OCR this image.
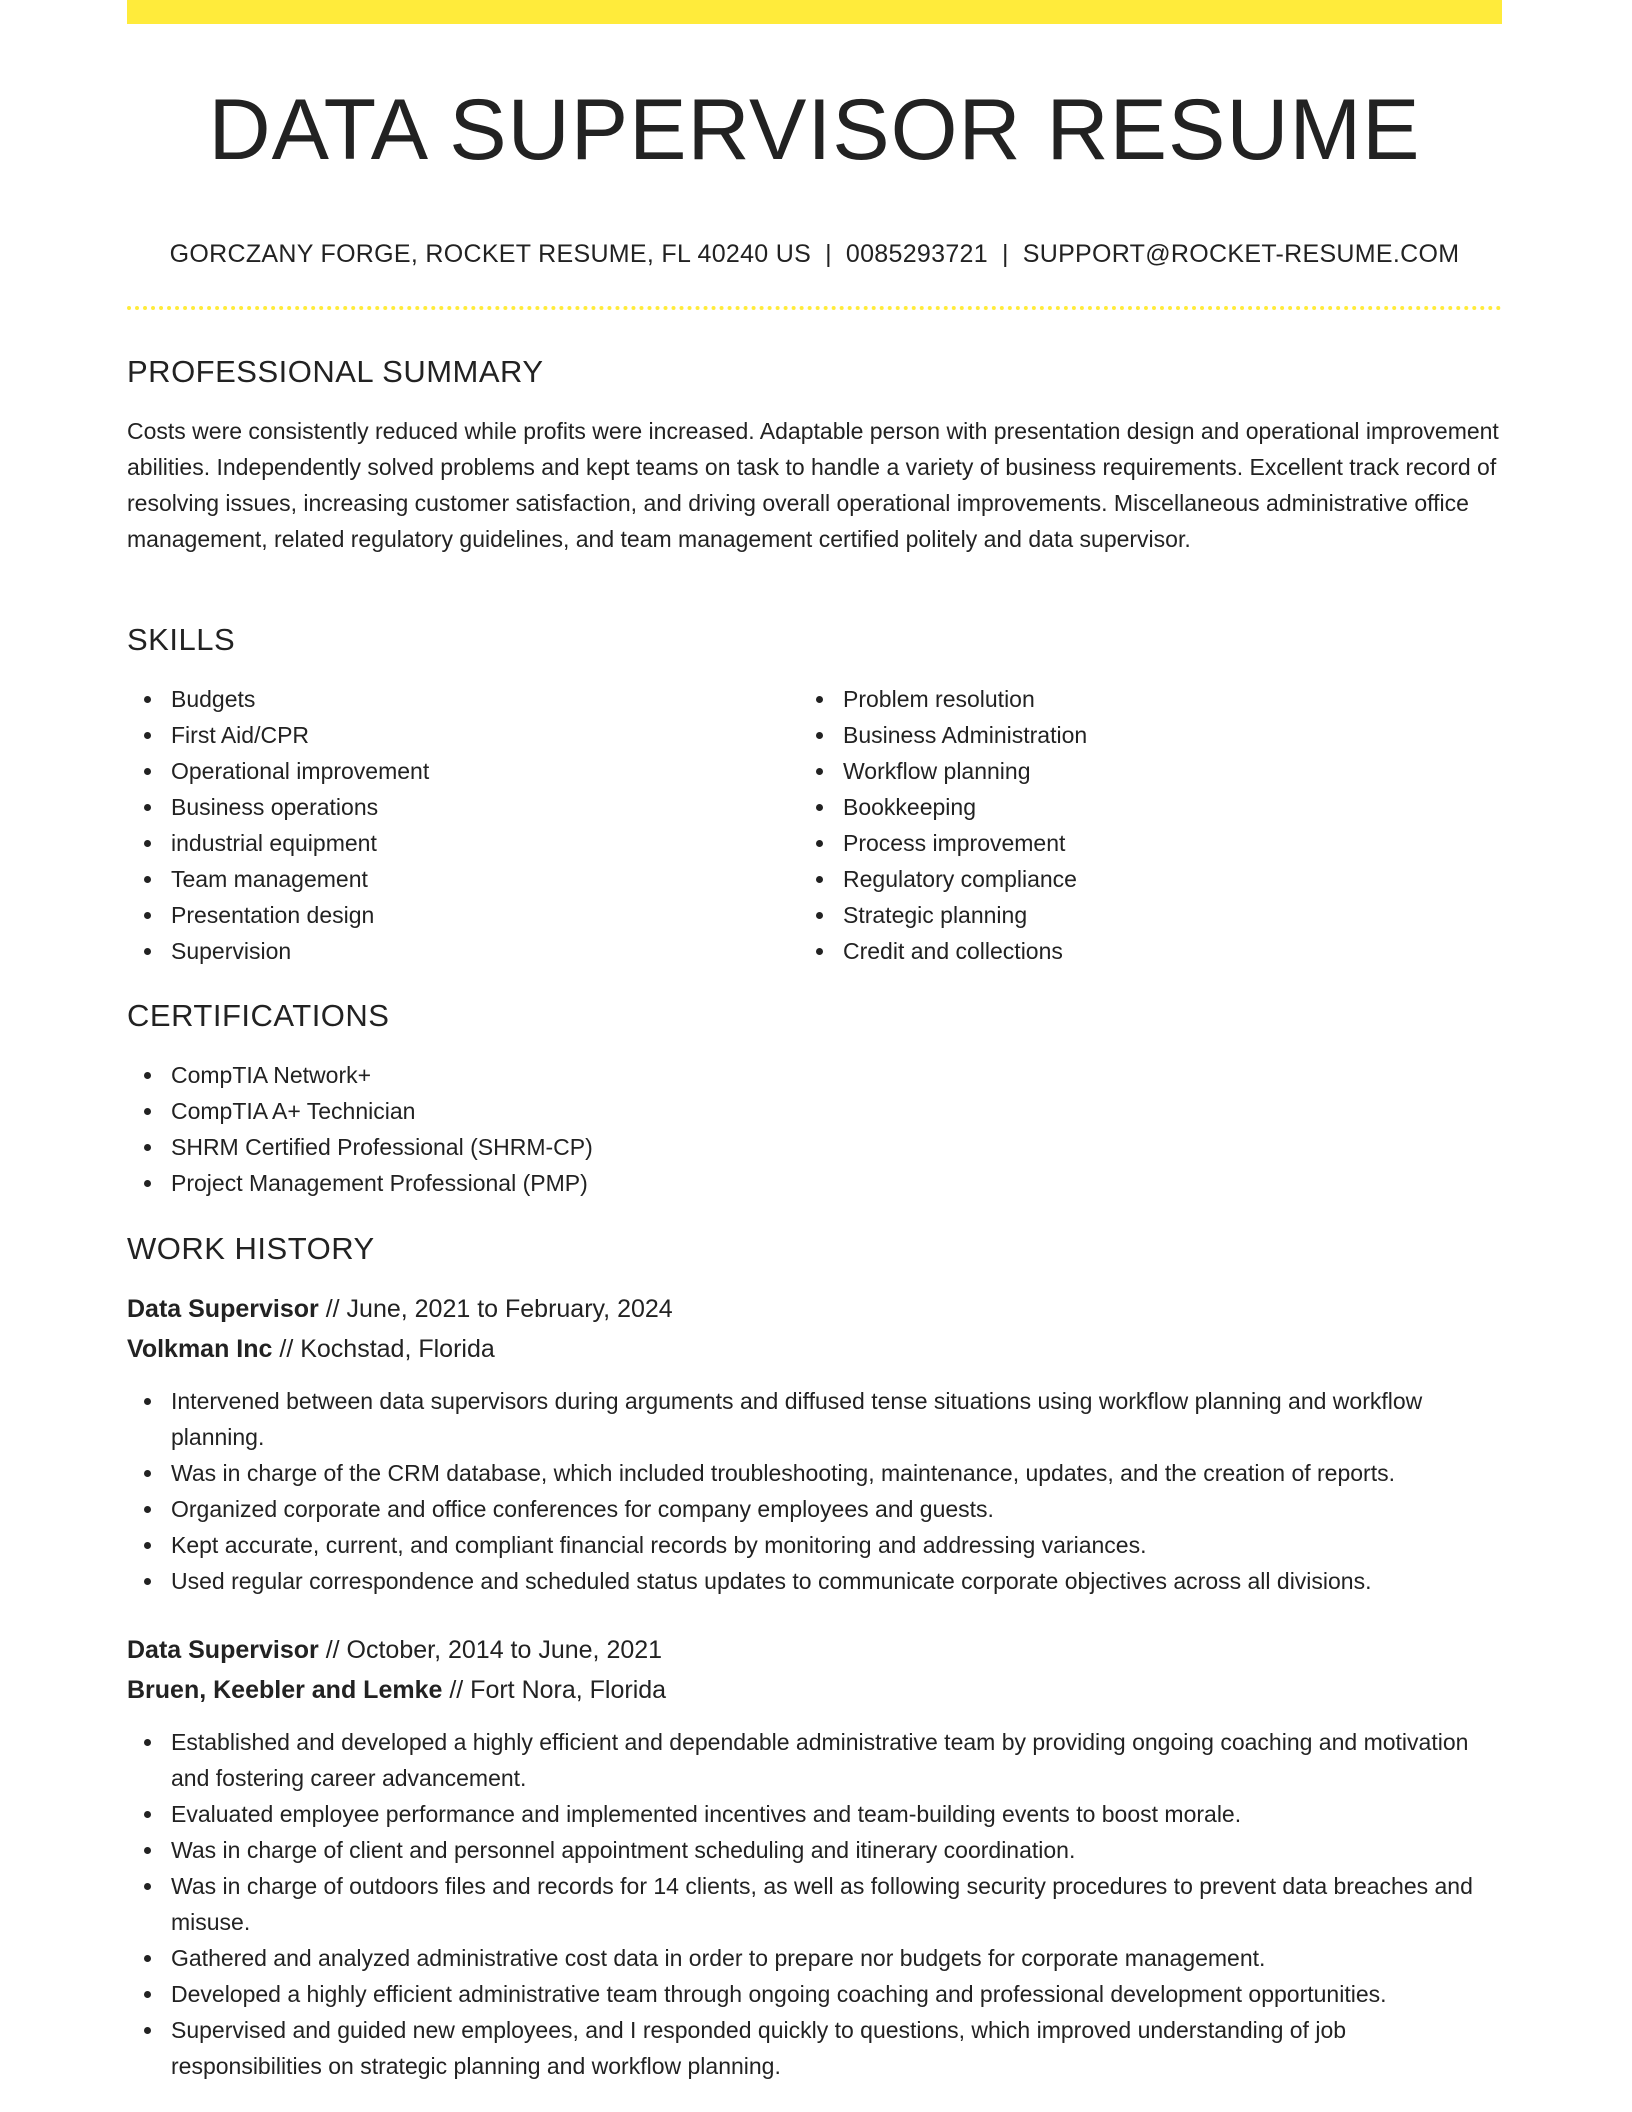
DATA SUPERVISOR RESUME
GORCZANY FORGE, ROCKET RESUME, FL 40240 US | 0085293721 | SUPPORT@ROCKET-RESUME.COM
PROFESSIONAL SUMMARY

Costs were consistently reduced while profits were increased. Adaptable person with presentation design and operational improvement abilities. Independently solved problems and kept teams on task to handle a variety of business requirements. Excellent track record of resolving issues, increasing customer satisfaction, and driving overall operational improvements. Miscellaneous administrative office management, related regulatory guidelines, and team management certified politely and data supervisor.

SKILLS
Budgets
First Aid/CPR
Operational improvement
Business operations
industrial equipment
Team management
Presentation design
Supervision
Problem resolution
Business Administration
Workflow planning
Bookkeeping
Process improvement
Regulatory compliance
Strategic planning
Credit and collections
CERTIFICATIONS
CompTIA Network+
CompTIA A+ Technician
SHRM Certified Professional (SHRM-CP)
Project Management Professional (PMP)
WORK HISTORY
Data Supervisor // June, 2021 to February, 2024
Volkman Inc // Kochstad, Florida
Intervened between data supervisors during arguments and diffused tense situations using workflow planning and workflow planning.
Was in charge of the CRM database, which included troubleshooting, maintenance, updates, and the creation of reports.
Organized corporate and office conferences for company employees and guests.
Kept accurate, current, and compliant financial records by monitoring and addressing variances.
Used regular correspondence and scheduled status updates to communicate corporate objectives across all divisions.
Data Supervisor // October, 2014 to June, 2021
Bruen, Keebler and Lemke // Fort Nora, Florida
Established and developed a highly efficient and dependable administrative team by providing ongoing coaching and motivation and fostering career advancement.
Evaluated employee performance and implemented incentives and team-building events to boost morale.
Was in charge of client and personnel appointment scheduling and itinerary coordination.
Was in charge of outdoors files and records for 14 clients, as well as following security procedures to prevent data breaches and misuse.
Gathered and analyzed administrative cost data in order to prepare nor budgets for corporate management.
Developed a highly efficient administrative team through ongoing coaching and professional development opportunities.
Supervised and guided new employees, and I responded quickly to questions, which improved understanding of job responsibilities on strategic planning and workflow planning.
